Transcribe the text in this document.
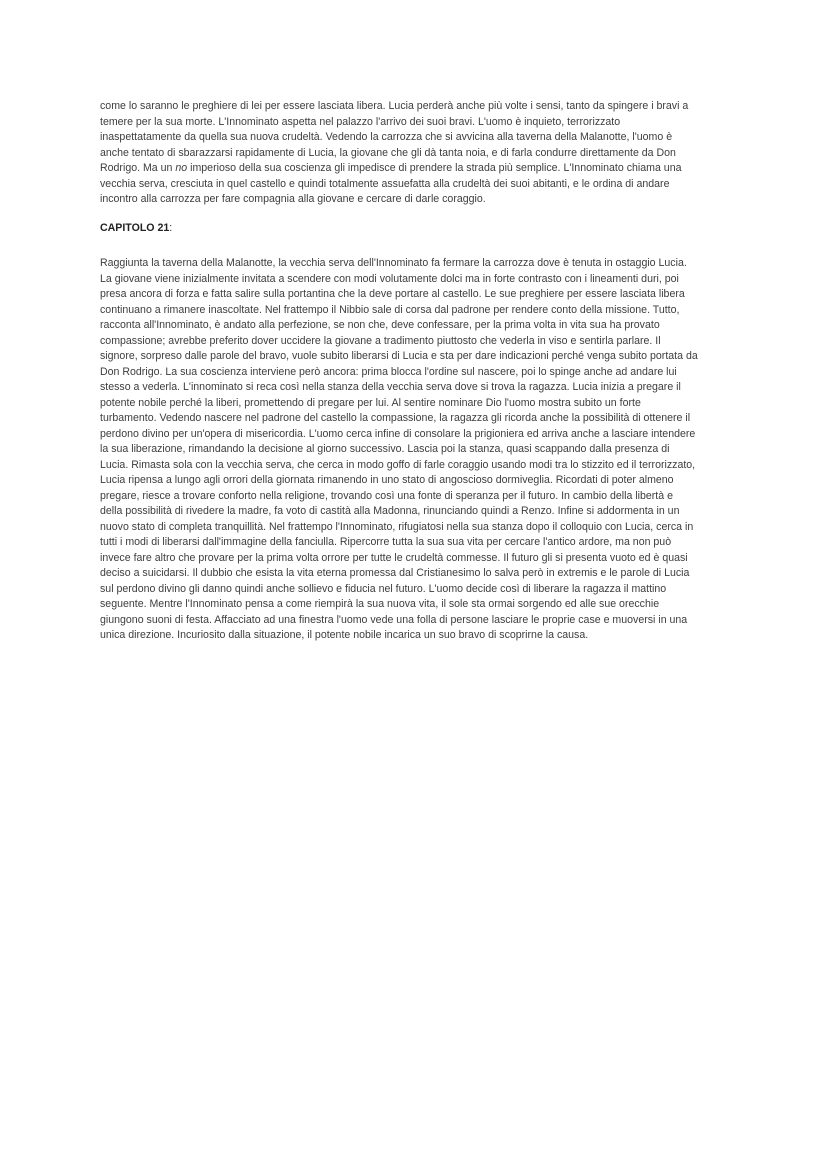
come lo saranno le preghiere di lei per essere lasciata libera. Lucia perderà anche più volte i sensi, tanto da spingere i bravi a
temere per la sua morte. L'Innominato aspetta nel palazzo l'arrivo dei suoi bravi. L'uomo è inquieto, terrorizzato
inaspettatamente da quella sua nuova crudeltà. Vedendo la carrozza che si avvicina alla taverna della Malanotte, l'uomo è
anche tentato di sbarazzarsi rapidamente di Lucia, la giovane che gli dà tanta noia, e di farla condurre direttamente da Don
Rodrigo. Ma un no imperioso della sua coscienza gli impedisce di prendere la strada più semplice. L'Innominato chiama una
vecchia serva, cresciuta in quel castello e quindi totalmente assuefatta alla crudeltà dei suoi abitanti, e le ordina di andare
incontro alla carrozza per fare compagnia alla giovane e cercare di darle coraggio.
CAPITOLO 21:
Raggiunta la taverna della Malanotte, la vecchia serva dell'Innominato fa fermare la carrozza dove è tenuta in ostaggio Lucia.
La giovane viene inizialmente invitata a scendere con modi volutamente dolci ma in forte contrasto con i lineamenti duri, poi
presa ancora di forza e fatta salire sulla portantina che la deve portare al castello. Le sue preghiere per essere lasciata libera
continuano a rimanere inascoltate. Nel frattempo il Nibbio sale di corsa dal padrone per rendere conto della missione. Tutto,
racconta all'Innominato, è andato alla perfezione, se non che, deve confessare, per la prima volta in vita sua ha provato
compassione; avrebbe preferito dover uccidere la giovane a tradimento piuttosto che vederla in viso e sentirla parlare. Il
signore, sorpreso dalle parole del bravo, vuole subito liberarsi di Lucia e sta per dare indicazioni perché venga subito portata da
Don Rodrigo. La sua coscienza interviene però ancora: prima blocca l'ordine sul nascere, poi lo spinge anche ad andare lui
stesso a vederla. L'innominato si reca così nella stanza della vecchia serva dove si trova la ragazza. Lucia inizia a pregare il
potente nobile perché la liberi, promettendo di pregare per lui. Al sentire nominare Dio l'uomo mostra subito un forte
turbamento. Vedendo nascere nel padrone del castello la compassione, la ragazza gli ricorda anche la possibilità di ottenere il
perdono divino per un'opera di misericordia. L'uomo cerca infine di consolare la prigioniera ed arriva anche a lasciare intendere
la sua liberazione, rimandando la decisione al giorno successivo. Lascia poi la stanza, quasi scappando dalla presenza di
Lucia. Rimasta sola con la vecchia serva, che cerca in modo goffo di farle coraggio usando modi tra lo stizzito ed il terrorizzato,
Lucia ripensa a lungo agli orrori della giornata rimanendo in uno stato di angoscioso dormiveglia. Ricordati di poter almeno
pregare, riesce a trovare conforto nella religione, trovando così una fonte di speranza per il futuro. In cambio della libertà e
della possibilità di rivedere la madre, fa voto di castità alla Madonna, rinunciando quindi a Renzo. Infine si addormenta in un
nuovo stato di completa tranquillità. Nel frattempo l'Innominato, rifugiatosi nella sua stanza dopo il colloquio con Lucia, cerca in
tutti i modi di liberarsi dall'immagine della fanciulla. Ripercorre tutta la sua sua vita per cercare l'antico ardore, ma non può
invece fare altro che provare per la prima volta orrore per tutte le crudeltà commesse. Il futuro gli si presenta vuoto ed è quasi
deciso a suicidarsi. Il dubbio che esista la vita eterna promessa dal Cristianesimo lo salva però in extremis e le parole di Lucia
sul perdono divino gli danno quindi anche sollievo e fiducia nel futuro. L'uomo decide così di liberare la ragazza il mattino
seguente. Mentre l'Innominato pensa a come riempirà la sua nuova vita, il sole sta ormai sorgendo ed alle sue orecchie
giungono suoni di festa. Affacciato ad una finestra l'uomo vede una folla di persone lasciare le proprie case e muoversi in una
unica direzione. Incuriosito dalla situazione, il potente nobile incarica un suo bravo di scoprirne la causa.
